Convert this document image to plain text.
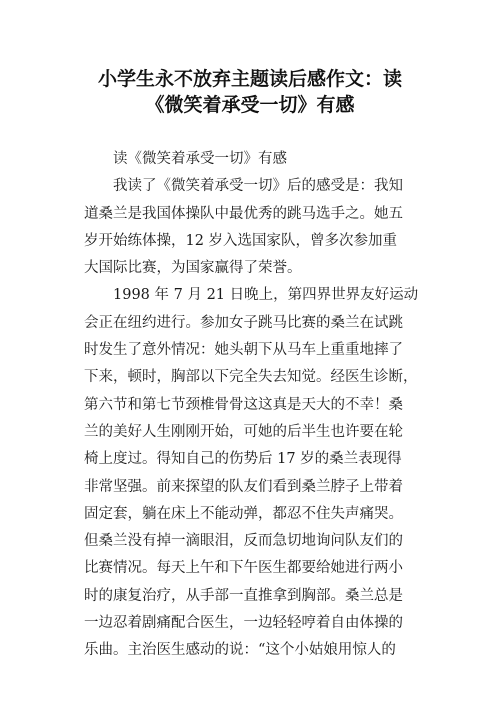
小学生永不放弃主题读后感作文：读
《微笑着承受一切》有感
读《微笑着承受一切》有感
我读了《微笑着承受一切》后的感受是：我知
道桑兰是我国体操队中最优秀的跳马选手之。她五
岁开始练体操，12 岁入选国家队，曾多次参加重
大国际比赛，为国家赢得了荣誉。
1998 年 7 月 21 日晚上，第四界世界友好运动
会正在纽约进行。参加女子跳马比赛的桑兰在试跳
时发生了意外情况：她头朝下从马车上重重地摔了
下来，顿时，胸部以下完全失去知觉。经医生诊断，
第六节和第七节颈椎骨骨这这真是天大的不幸！桑
兰的美好人生刚刚开始，可她的后半生也许要在轮
椅上度过。得知自己的伤势后 17 岁的桑兰表现得
非常坚强。前来探望的队友们看到桑兰脖子上带着
固定套，躺在床上不能动弹，都忍不住失声痛哭。
但桑兰没有掉一滴眼泪，反而急切地询问队友们的
比赛情况。每天上午和下午医生都要给她进行两小
时的康复治疗，从手部一直推拿到胸部。桑兰总是
一边忍着剧痛配合医生，一边轻轻哼着自由体操的
乐曲。主治医生感动的说：“这个小姑娘用惊人的
